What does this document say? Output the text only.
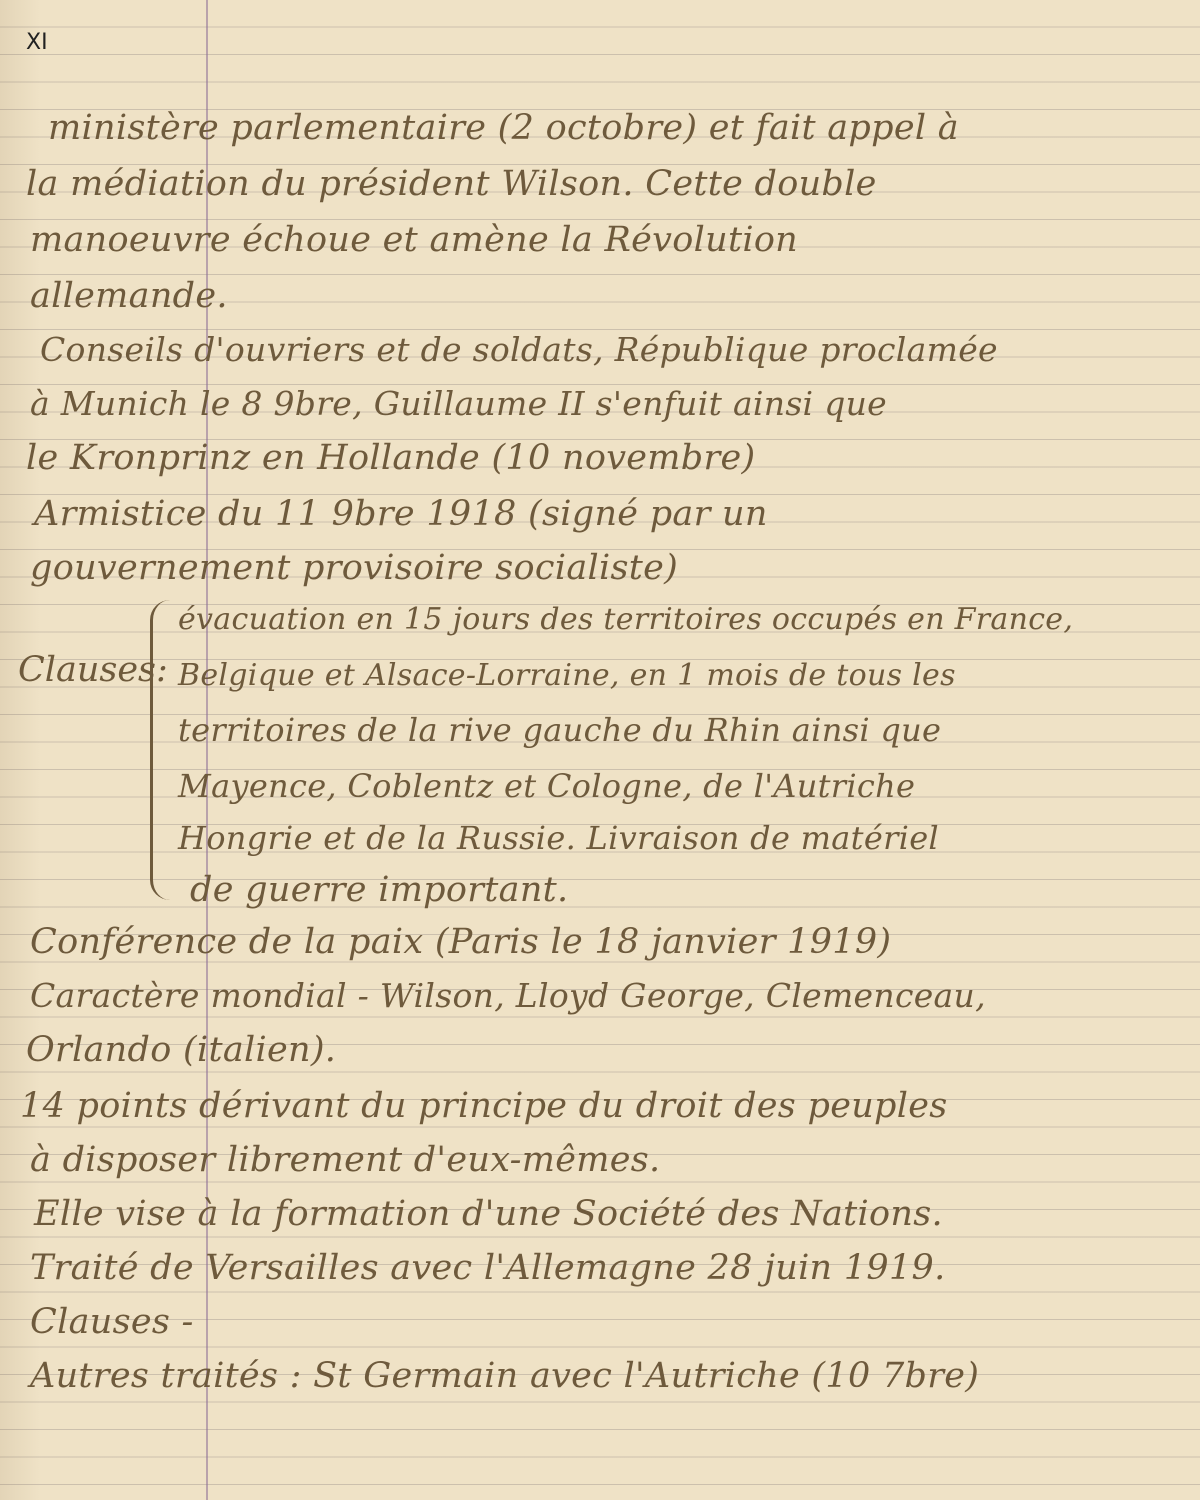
XI
ministère parlementaire (2 octobre) et fait appel à
la médiation du président Wilson. Cette double
manoeuvre échoue et amène la Révolution
allemande.
Conseils d'ouvriers et de soldats, République proclamée
à Munich le 8 9bre, Guillaume II s'enfuit ainsi que
le Kronprinz en Hollande (10 novembre)
Armistice du 11 9bre 1918 (signé par un
gouvernement provisoire socialiste)
Clauses:
évacuation en 15 jours des territoires occupés en France,
Belgique et Alsace-Lorraine, en 1 mois de tous les
territoires de la rive gauche du Rhin ainsi que
Mayence, Coblentz et Cologne, de l'Autriche
Hongrie et de la Russie. Livraison de matériel
de guerre important.
Conférence de la paix (Paris le 18 janvier 1919)
Caractère mondial - Wilson, Lloyd George, Clemenceau,
Orlando (italien).
14 points dérivant du principe du droit des peuples
à disposer librement d'eux-mêmes.
Elle vise à la formation d'une Société des Nations.
Traité de Versailles avec l'Allemagne 28 juin 1919.
Clauses -
Autres traités : St Germain avec l'Autriche (10 7bre)
